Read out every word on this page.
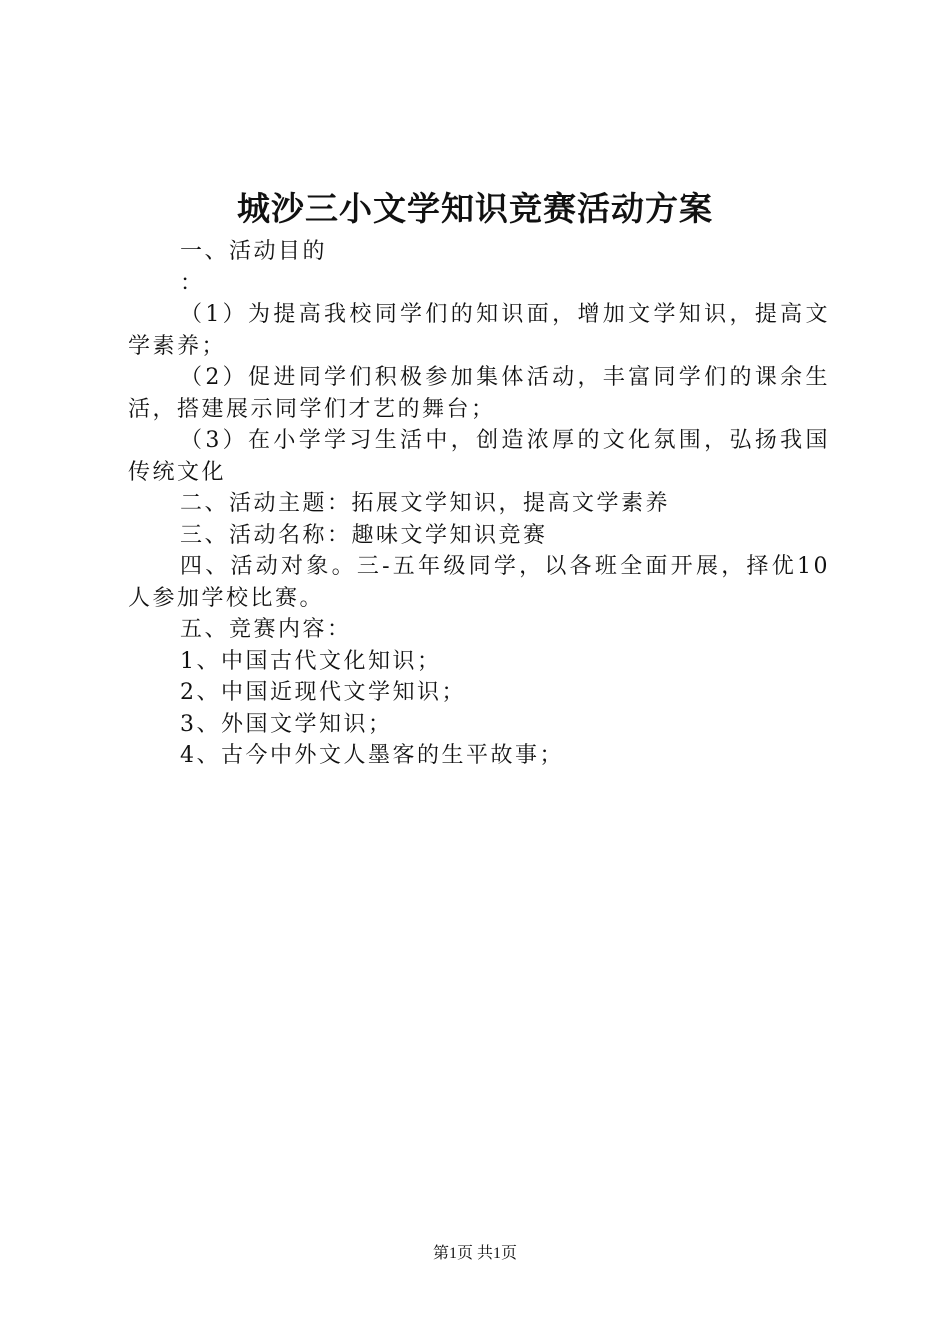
城沙三小文学知识竞赛活动方案

一、活动目的

：

（1）为提高我校同学们的知识面，增加文学知识，提高文学素养；

（2）促进同学们积极参加集体活动，丰富同学们的课余生活，搭建展示同学们才艺的舞台；

（3）在小学学习生活中，创造浓厚的文化氛围，弘扬我国传统文化

二、活动主题：拓展文学知识，提高文学素养

三、活动名称：趣味文学知识竞赛

四、活动对象。三-五年级同学，以各班全面开展，择优10人参加学校比赛。

五、竞赛内容：

1、中国古代文化知识；

2、中国近现代文学知识；

3、外国文学知识；

4、古今中外文人墨客的生平故事；

第1页 共1页
